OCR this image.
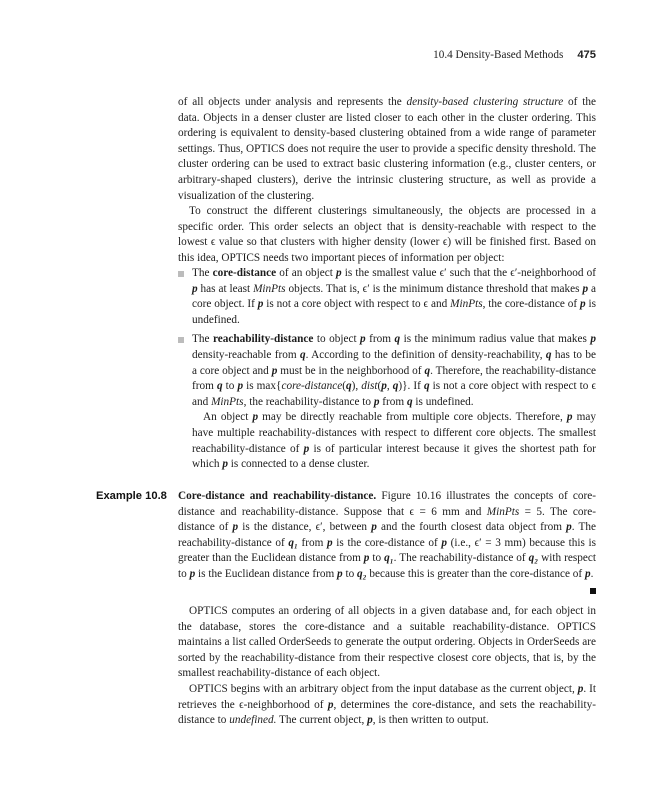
10.4 Density-Based Methods 475

of all objects under analysis and represents the density-based clustering structure of the data. Objects in a denser cluster are listed closer to each other in the cluster ordering. This ordering is equivalent to density-based clustering obtained from a wide range of parameter settings. Thus, OPTICS does not require the user to provide a specific density threshold. The cluster ordering can be used to extract basic clustering information (e.g., cluster centers, or arbitrary-shaped clusters), derive the intrinsic clustering structure, as well as provide a visualization of the clustering.

To construct the different clusterings simultaneously, the objects are processed in a specific order. This order selects an object that is density-reachable with respect to the lowest ϵ value so that clusters with higher density (lower ϵ) will be finished first. Based on this idea, OPTICS needs two important pieces of information per object:

The core-distance of an object p is the smallest value ϵ′ such that the ϵ′-neighborhood of p has at least MinPts objects. That is, ϵ′ is the minimum distance threshold that makes p a core object. If p is not a core object with respect to ϵ and MinPts, the core-distance of p is undefined.

The reachability-distance to object p from q is the minimum radius value that makes p density-reachable from q. According to the definition of density-reachability, q has to be a core object and p must be in the neighborhood of q. Therefore, the reachability-distance from q to p is max{core-distance(q), dist(p, q)}. If q is not a core object with respect to ϵ and MinPts, the reachability-distance to p from q is undefined.

An object p may be directly reachable from multiple core objects. Therefore, p may have multiple reachability-distances with respect to different core objects. The smallest reachability-distance of p is of particular interest because it gives the shortest path for which p is connected to a dense cluster.

Example 10.8 Core-distance and reachability-distance. Figure 10.16 illustrates the concepts of core-distance and reachability-distance. Suppose that ϵ = 6 mm and MinPts = 5. The core-distance of p is the distance, ϵ′, between p and the fourth closest data object from p. The reachability-distance of q₁ from p is the core-distance of p (i.e., ϵ′ = 3 mm) because this is greater than the Euclidean distance from p to q₁. The reachability-distance of q₂ with respect to p is the Euclidean distance from p to q₂ because this is greater than the core-distance of p.

OPTICS computes an ordering of all objects in a given database and, for each object in the database, stores the core-distance and a suitable reachability-distance. OPTICS maintains a list called OrderSeeds to generate the output ordering. Objects in OrderSeeds are sorted by the reachability-distance from their respective closest core objects, that is, by the smallest reachability-distance of each object.

OPTICS begins with an arbitrary object from the input database as the current object, p. It retrieves the ϵ-neighborhood of p, determines the core-distance, and sets the reachability-distance to undefined. The current object, p, is then written to output.
